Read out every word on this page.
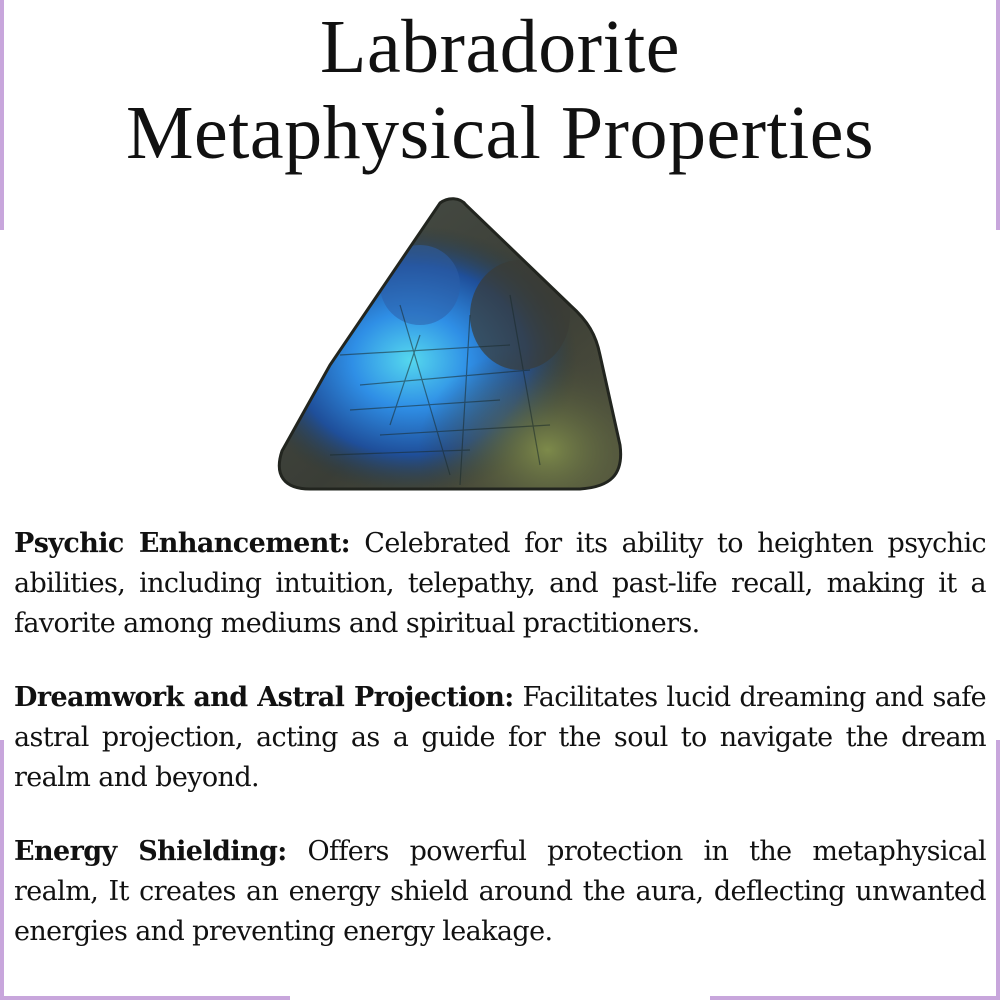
Labradorite
Metaphysical Properties

Psychic Enhancement: Celebrated for its ability to heighten psychic abilities, including intuition, telepathy, and past-life recall, making it a favorite among mediums and spiritual practitioners.

Dreamwork and Astral Projection: Facilitates lucid dreaming and safe astral projection, acting as a guide for the soul to navigate the dream realm and beyond.

Energy Shielding: Offers powerful protection in the metaphysical realm, It creates an energy shield around the aura, deflecting unwanted energies and preventing energy leakage.
